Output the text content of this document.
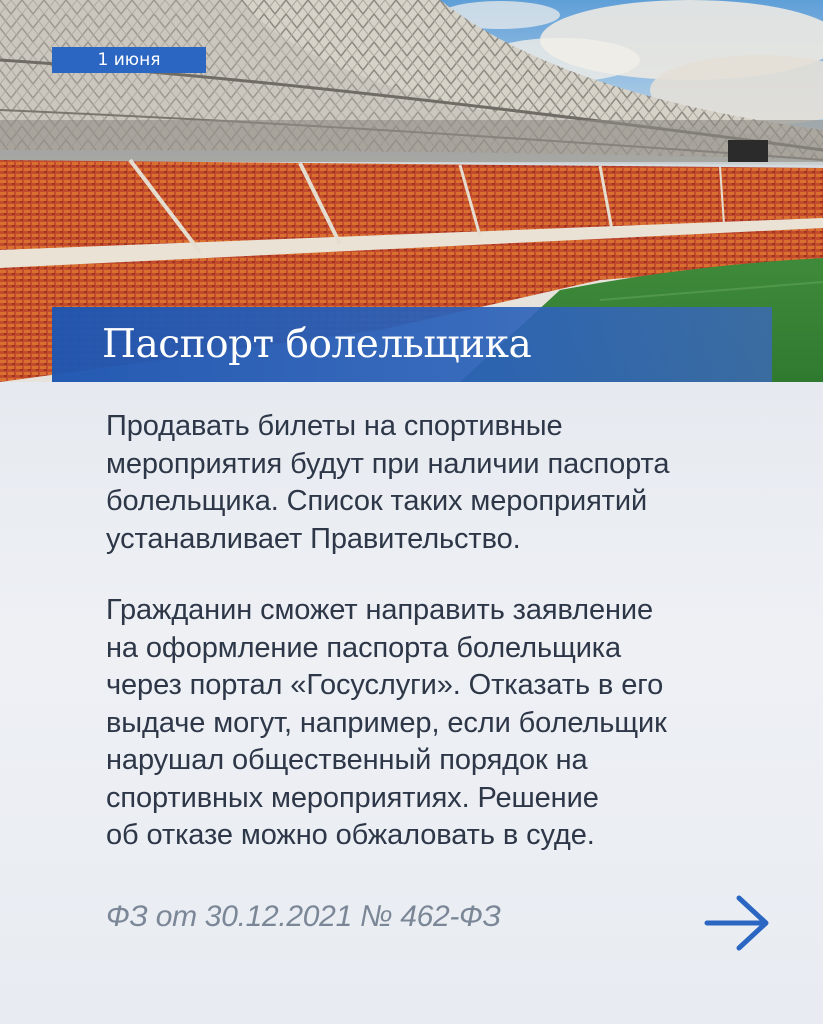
1 июня
Паспорт болельщика

Продавать билеты на спортивные
мероприятия будут при наличии паспорта
болельщика. Список таких мероприятий
устанавливает Правительство.

Гражданин сможет направить заявление
на оформление паспорта болельщика
через портал «Госуслуги». Отказать в его
выдаче могут, например, если болельщик
нарушал общественный порядок на
спортивных мероприятиях. Решение
об отказе можно обжаловать в суде.

ФЗ от 30.12.2021 № 462-ФЗ
